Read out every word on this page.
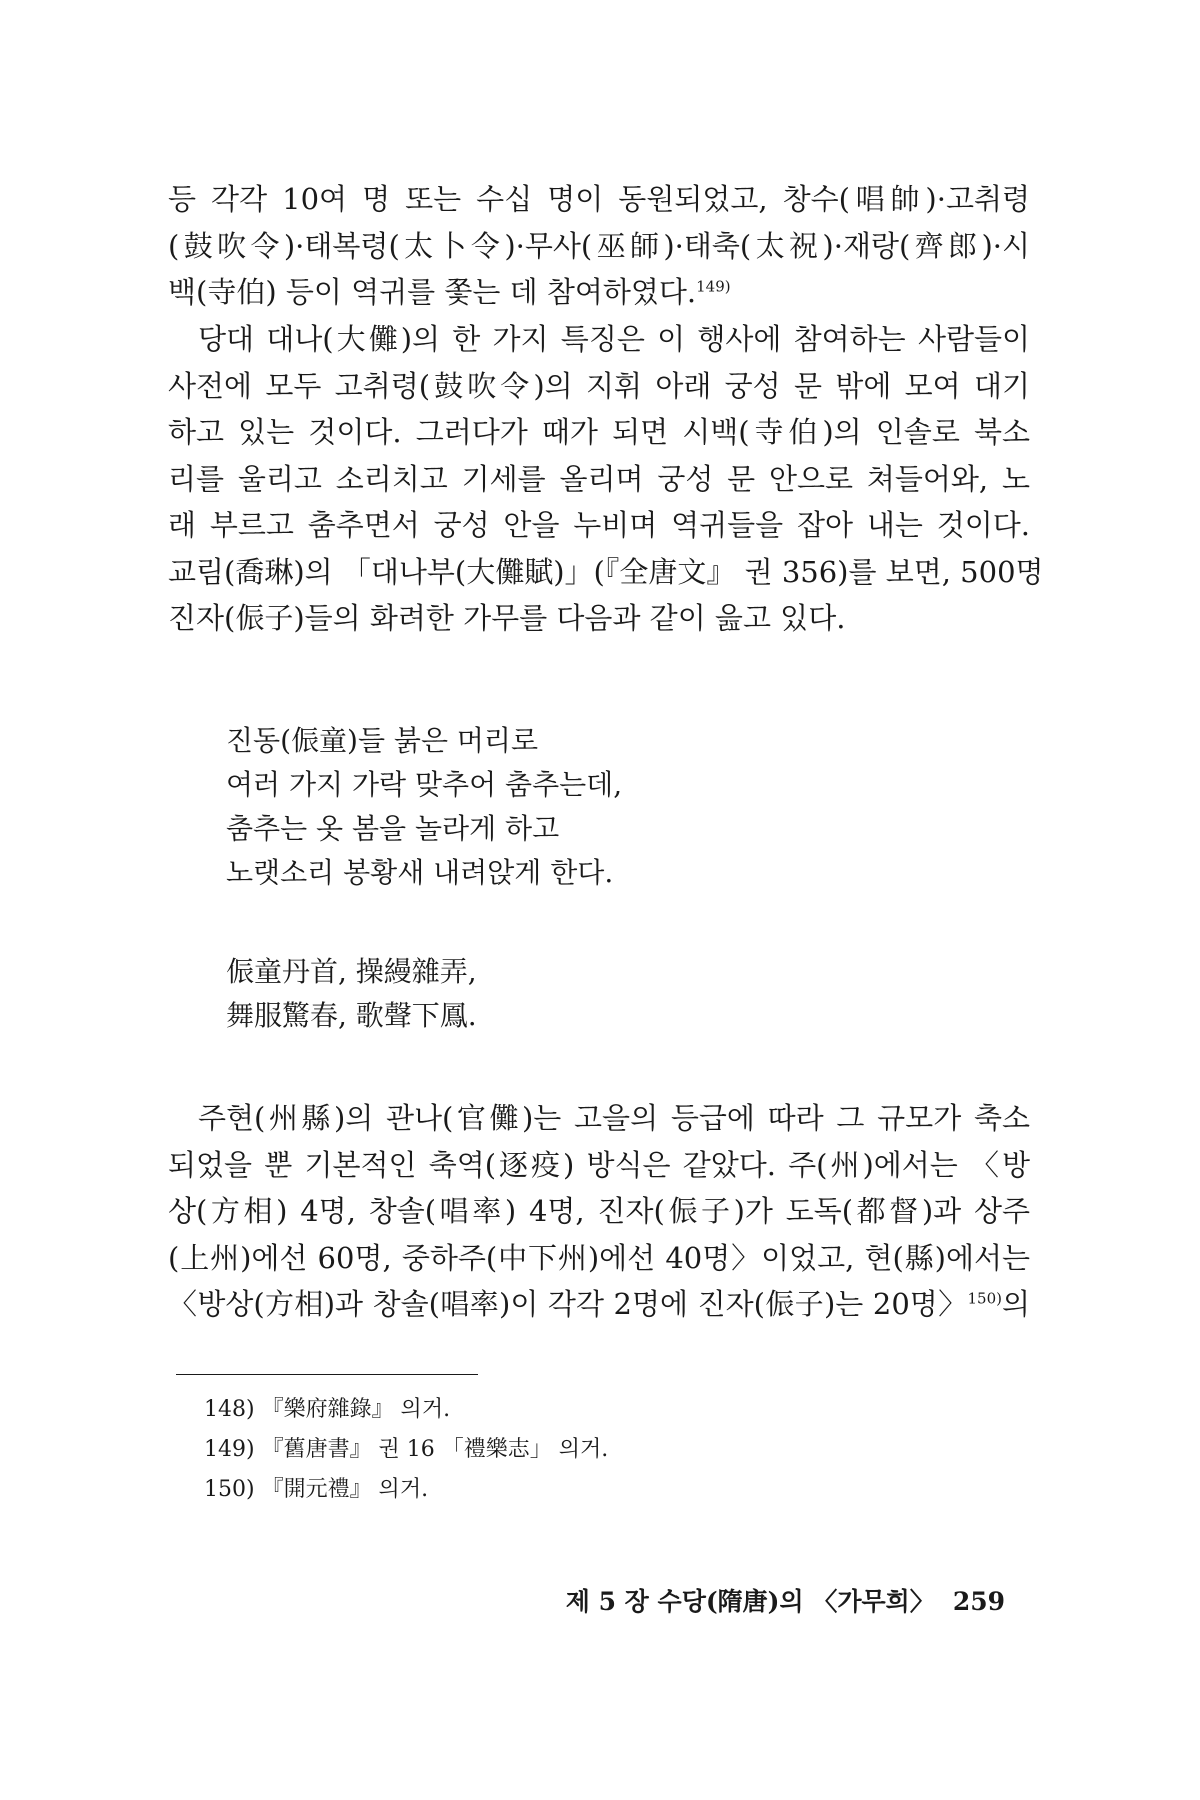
등 각각 10여 명 또는 수십 명이 동원되었고, 창수(唱帥)·고취령
(鼓吹令)·태복령(太卜令)·무사(巫師)·태축(太祝)·재랑(齊郎)·시
백(寺伯) 등이 역귀를 쫓는 데 참여하였다.$^{149)}$

당대 대나(大儺)의 한 가지 특징은 이 행사에 참여하는 사람들이
사전에 모두 고취령(鼓吹令)의 지휘 아래 궁성 문 밖에 모여 대기
하고 있는 것이다. 그러다가 때가 되면 시백(寺伯)의 인솔로 북소
리를 울리고 소리치고 기세를 올리며 궁성 문 안으로 쳐들어와, 노
래 부르고 춤추면서 궁성 안을 누비며 역귀들을 잡아 내는 것이다.
교림(喬琳)의 「대나부(大儺賦)」(『全唐文』 권 356)를 보면, 500명
진자(侲子)들의 화려한 가무를 다음과 같이 읊고 있다.

진동(侲童)들 붉은 머리로
여러 가지 가락 맞추어 춤추는데,
춤추는 옷 봄을 놀라게 하고
노랫소리 봉황새 내려앉게 한다.
侲童丹首, 操縵雜弄,
舞服驚春, 歌聲下鳳.

주현(州縣)의 관나(官儺)는 고을의 등급에 따라 그 규모가 축소
되었을 뿐 기본적인 축역(逐疫) 방식은 같았다. 주(州)에서는 〈방
상(方相) 4명, 창솔(唱率) 4명, 진자(侲子)가 도독(都督)과 상주
(上州)에선 60명, 중하주(中下州)에선 40명〉이었고, 현(縣)에서는
〈방상(方相)과 창솔(唱率)이 각각 2명에 진자(侲子)는 20명〉$^{150)}$의

148) 『樂府雜錄』 의거.
149) 『舊唐書』 권 16 「禮樂志」 의거.
150) 『開元禮』 의거.
제 5 장 수당(隋唐)의 〈가무희〉 259
